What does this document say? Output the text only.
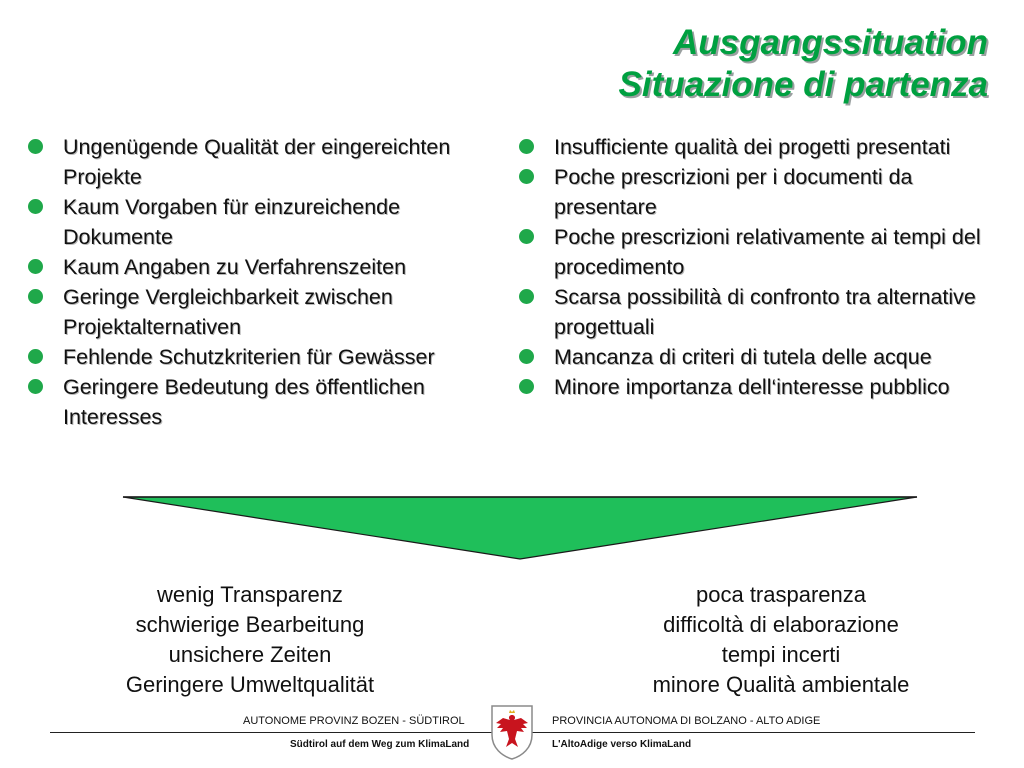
Ausgangssituation
Situazione di partenza
Ungenügende Qualität der eingereichten Projekte
Kaum Vorgaben für einzureichende Dokumente
Kaum Angaben zu Verfahrenszeiten
Geringe Vergleichbarkeit zwischen Projektalternativen
Fehlende Schutzkriterien für Gewässer
Geringere Bedeutung des öffentlichen Interesses
Insufficiente qualità dei progetti presentati
Poche prescrizioni per i documenti da presentare
Poche prescrizioni relativamente ai tempi del procedimento
Scarsa possibilità di confronto tra alternative progettuali
Mancanza di criteri di tutela delle acque
Minore importanza dell‘interesse pubblico
wenig Transparenz
schwierige Bearbeitung
unsichere Zeiten
Geringere Umweltqualität
poca trasparenza
difficoltà di elaborazione
tempi incerti
minore Qualità ambientale
AUTONOME PROVINZ BOZEN - SÜDTIROL	PROVINCIA AUTONOMA DI BOLZANO - ALTO ADIGE
Südtirol auf dem Weg zum KlimaLand	L'AltoAdige verso KlimaLand
